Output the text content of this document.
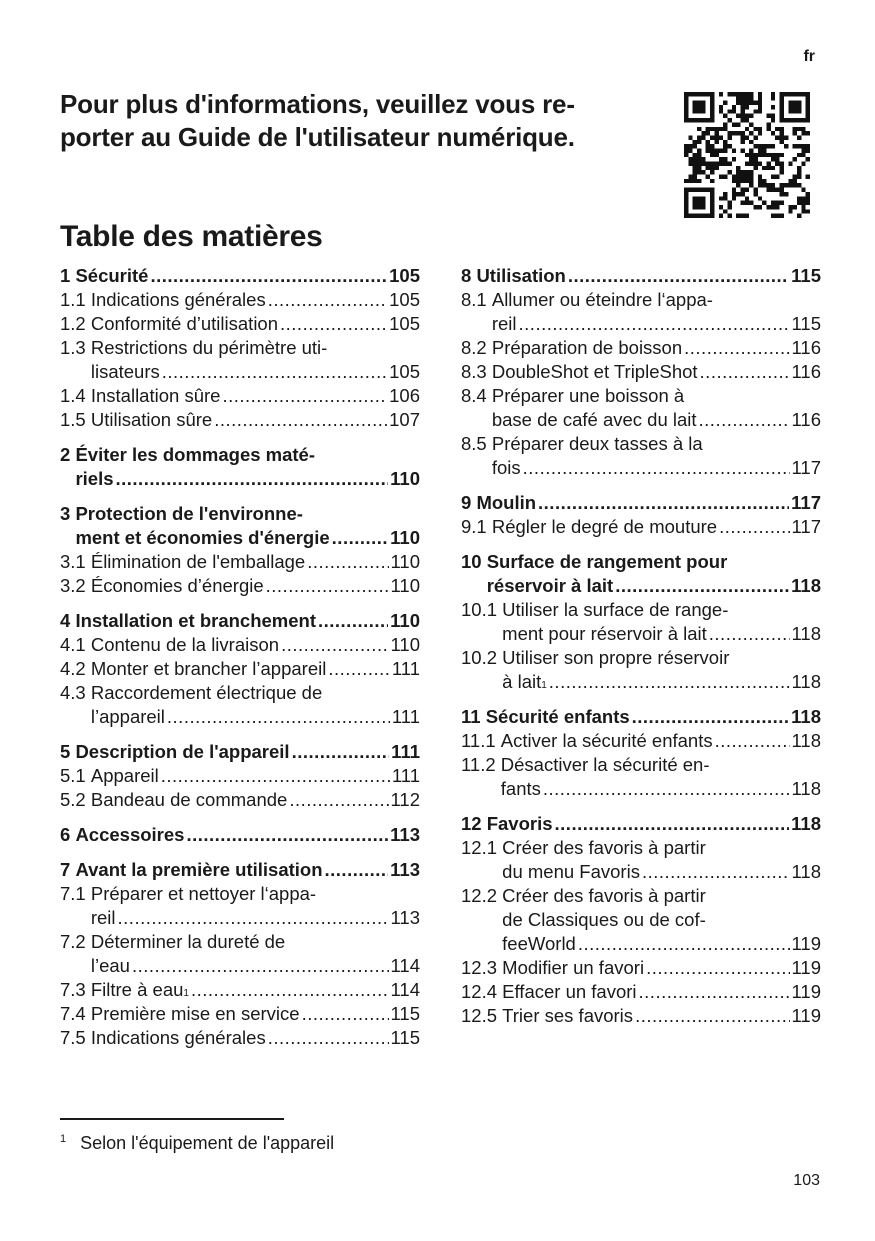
fr
Pour plus d'informations, veuillez vous re-
porter au Guide de l'utilisateur numérique.
Table des matières
1 Sécurité .....	105
1.1 Indications générales .....	105
1.2 Conformité d’utilisation .....	105
1.3 Restrictions du périmètre uti-
lisateurs .....	105
1.4 Installation sûre .....	106
1.5 Utilisation sûre .....	107
2 Éviter les dommages maté-
riels .....	110
3 Protection de l'environne-
ment et économies d'énergie .....	110
3.1 Élimination de l'emballage .....	110
3.2 Économies d’énergie .....	110
4 Installation et branchement .....	110
4.1 Contenu de la livraison .....	110
4.2 Monter et brancher l’appareil .....	111
4.3 Raccordement électrique de
l’appareil .....	111
5 Description de l'appareil .....	111
5.1 Appareil .....	111
5.2 Bandeau de commande .....	112
6 Accessoires .....	113
7 Avant la première utilisation .....	113
7.1 Préparer et nettoyer l‘appa-
reil .....	113
7.2 Déterminer la dureté de
l’eau .....	114
7.3 Filtre à eau 1 .....	114
7.4 Première mise en service .....	115
7.5 Indications générales .....	115
8 Utilisation .....	115
8.1 Allumer ou éteindre l‘appa-
reil .....	115
8.2 Préparation de boisson .....	116
8.3 DoubleShot et TripleShot .....	116
8.4 Préparer une boisson à
base de café avec du lait .....	116
8.5 Préparer deux tasses à la
fois .....	117
9 Moulin .....	117
9.1 Régler le degré de mouture .....	117
10 Surface de rangement pour
réservoir à lait .....	118
10.1 Utiliser la surface de range-
ment pour réservoir à lait .....	118
10.2 Utiliser son propre réservoir
à lait 1 .....	118
11 Sécurité enfants .....	118
11.1 Activer la sécurité enfants .....	118
11.2 Désactiver la sécurité en-
fants .....	118
12 Favoris .....	118
12.1 Créer des favoris à partir
du menu Favoris .....	118
12.2 Créer des favoris à partir
de Classiques ou de cof-
feeWorld .....	119
12.3 Modifier un favori .....	119
12.4 Effacer un favori .....	119
12.5 Trier ses favoris .....	119
$^1$ Selon l'équipement de l'appareil
103
